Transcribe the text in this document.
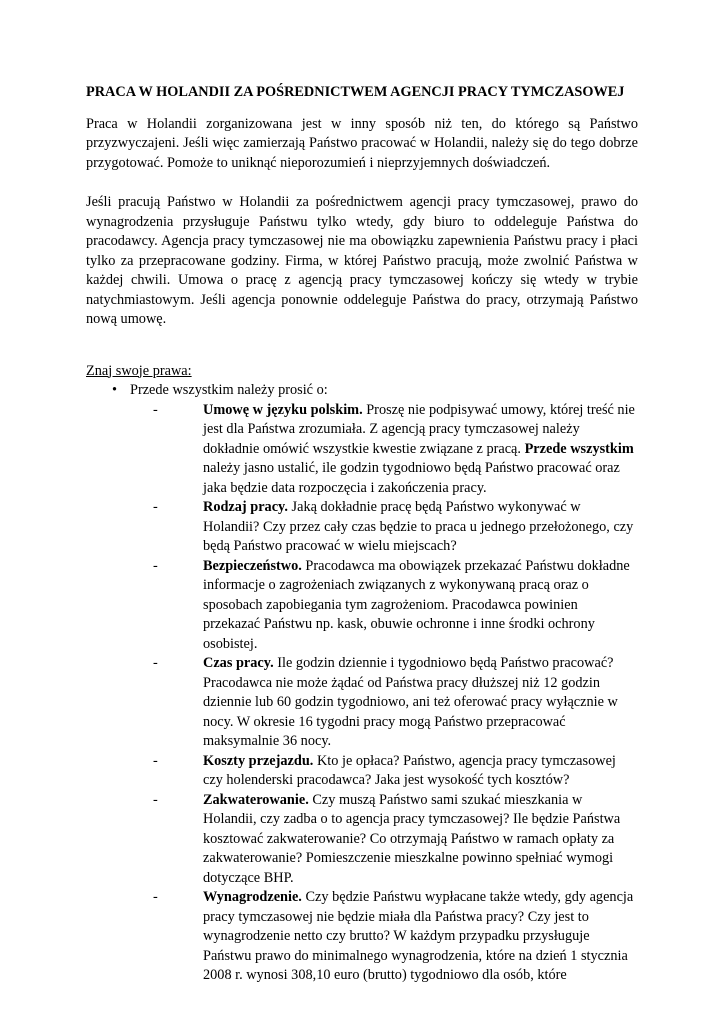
PRACA W HOLANDII ZA POŚREDNICTWEM AGENCJI PRACY TYMCZASOWEJ

Praca w Holandii zorganizowana jest w inny sposób niż ten, do którego są Państwo przyzwyczajeni. Jeśli więc zamierzają Państwo pracować w Holandii, należy się do tego dobrze przygotować. Pomoże to uniknąć nieporozumień i nieprzyjemnych doświadczeń.

Jeśli pracują Państwo w Holandii za pośrednictwem agencji pracy tymczasowej, prawo do wynagrodzenia przysługuje Państwu tylko wtedy, gdy biuro to oddeleguje Państwa do pracodawcy. Agencja pracy tymczasowej nie ma obowiązku zapewnienia Państwu pracy i płaci tylko za przepracowane godziny. Firma, w której Państwo pracują, może zwolnić Państwa w każdej chwili. Umowa o pracę z agencją pracy tymczasowej kończy się wtedy w trybie natychmiastowym. Jeśli agencja ponownie oddeleguje Państwa do pracy, otrzymają Państwo nową umowę.

Znaj swoje prawa:
• Przede wszystkim należy prosić o:
-	Umowę w języku polskim. Proszę nie podpisywać umowy, której treść nie jest dla Państwa zrozumiała. Z agencją pracy tymczasowej należy dokładnie omówić wszystkie kwestie związane z pracą. Przede wszystkim należy jasno ustalić, ile godzin tygodniowo będą Państwo pracować oraz jaka będzie data rozpoczęcia i zakończenia pracy.
-	Rodzaj pracy. Jaką dokładnie pracę będą Państwo wykonywać w Holandii? Czy przez cały czas będzie to praca u jednego przełożonego, czy będą Państwo pracować w wielu miejscach?
-	Bezpieczeństwo. Pracodawca ma obowiązek przekazać Państwu dokładne informacje o zagrożeniach związanych z wykonywaną pracą oraz o sposobach zapobiegania tym zagrożeniom. Pracodawca powinien przekazać Państwu np. kask, obuwie ochronne i inne środki ochrony osobistej.
-	Czas pracy. Ile godzin dziennie i tygodniowo będą Państwo pracować? Pracodawca nie może żądać od Państwa pracy dłuższej niż 12 godzin dziennie lub 60 godzin tygodniowo, ani też oferować pracy wyłącznie w nocy. W okresie 16 tygodni pracy mogą Państwo przepracować maksymalnie 36 nocy.
-	Koszty przejazdu. Kto je opłaca? Państwo, agencja pracy tymczasowej czy holenderski pracodawca? Jaka jest wysokość tych kosztów?
-	Zakwaterowanie. Czy muszą Państwo sami szukać mieszkania w Holandii, czy zadba o to agencja pracy tymczasowej? Ile będzie Państwa kosztować zakwaterowanie? Co otrzymają Państwo w ramach opłaty za zakwaterowanie? Pomieszczenie mieszkalne powinno spełniać wymogi dotyczące BHP.
-	Wynagrodzenie. Czy będzie Państwu wypłacane także wtedy, gdy agencja pracy tymczasowej nie będzie miała dla Państwa pracy? Czy jest to wynagrodzenie netto czy brutto? W każdym przypadku przysługuje Państwu prawo do minimalnego wynagrodzenia, które na dzień 1 stycznia 2008 r. wynosi 308,10 euro (brutto) tygodniowo dla osób, które
